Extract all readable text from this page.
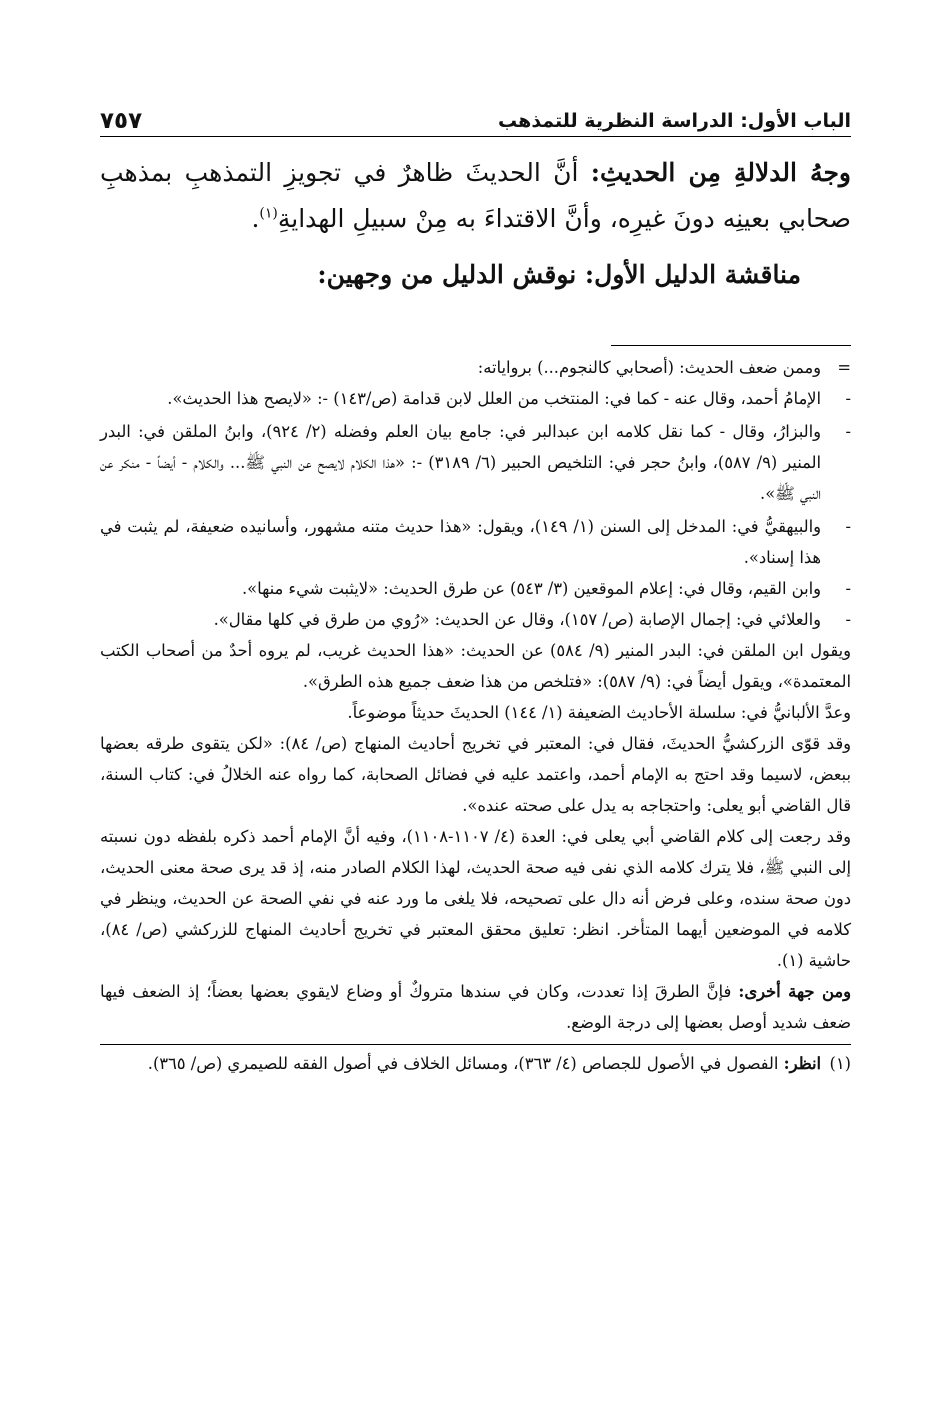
الباب الأول: الدراسة النظرية للتمذهب
٧٥٧

وجهُ الدلالةِ مِن الحديثِ: أنَّ الحديثَ ظاهرٌ في تجويزِ التمذهبِ بمذهبِ صحابي بعينِه دونَ غيرِه، وأنَّ الاقتداءَ به مِنْ سبيلِ الهدايةِ$^{(١)}$.

مناقشة الدليل الأول: نوقش الدليل من وجهين:

=
وممن ضعف الحديث: (أصحابي كالنجوم...) برواياته:
-
الإمامُ أحمد، وقال عنه - كما في: المنتخب من العلل لابن قدامة (ص/١٤٣) -: «لايصح هذا الحديث».
-
والبزارُ، وقال - كما نقل كلامه ابن عبدالبر في: جامع بيان العلم وفضله (٢/ ٩٢٤)، وابنُ الملقن في: البدر المنير (٩/ ٥٨٧)، وابنُ حجر في: التلخيص الحبير (٦/ ٣١٨٩) -: «هذا الكلام لايصح عن النبي ﷺ... والكلام - أيضاً - منكر عن النبي ﷺ».
-
والبيهقيُّ في: المدخل إلى السنن (١/ ١٤٩)، ويقول: «هذا حديث متنه مشهور، وأسانيده ضعيفة، لم يثبت في هذا إسناد».
-
وابن القيم، وقال في: إعلام الموقعين (٣/ ٥٤٣) عن طرق الحديث: «لايثبت شيء منها».
-
والعلائي في: إجمال الإصابة (ص/ ١٥٧)، وقال عن الحديث: «رُوي من طرق في كلها مقال».
ويقول ابن الملقن في: البدر المنير (٩/ ٥٨٤) عن الحديث: «هذا الحديث غريب، لم يروه أحدٌ من أصحاب الكتب المعتمدة»، ويقول أيضاً في: (٩/ ٥٨٧): «فتلخص من هذا ضعف جميع هذه الطرق».
وعدَّ الألبانيُّ في: سلسلة الأحاديث الضعيفة (١/ ١٤٤) الحديثَ حديثاً موضوعاً.
وقد قوّى الزركشيُّ الحديثَ، فقال في: المعتبر في تخريج أحاديث المنهاج (ص/ ٨٤): «لكن يتقوى طرقه بعضها ببعض، لاسيما وقد احتج به الإمام أحمد، واعتمد عليه في فضائل الصحابة، كما رواه عنه الخلالُ في: كتاب السنة، قال القاضي أبو يعلى: واحتجاجه به يدل على صحته عنده».
وقد رجعت إلى كلام القاضي أبي يعلى في: العدة (٤/ ١١٠٧-١١٠٨)، وفيه أنَّ الإمام أحمد ذكره بلفظه دون نسبته إلى النبي ﷺ، فلا يترك كلامه الذي نفى فيه صحة الحديث، لهذا الكلام الصادر منه، إذ قد يرى صحة معنى الحديث، دون صحة سنده، وعلى فرض أنه دال على تصحيحه، فلا يلغى ما ورد عنه في نفي الصحة عن الحديث، وينظر في كلامه في الموضعين أيهما المتأخر. انظر: تعليق محقق المعتبر في تخريج أحاديث المنهاج للزركشي (ص/ ٨٤)، حاشية (١).
ومن جهة أخرى: فإنَّ الطرقَ إذا تعددت، وكان في سندها متروكٌ أو وضاع لايقوي بعضها بعضاً؛ إذ الضعف فيها ضعف شديد أوصل بعضها إلى درجة الوضع.
(١)
انظر: الفصول في الأصول للجصاص (٤/ ٣٦٣)، ومسائل الخلاف في أصول الفقه للصيمري (ص/ ٣٦٥).
